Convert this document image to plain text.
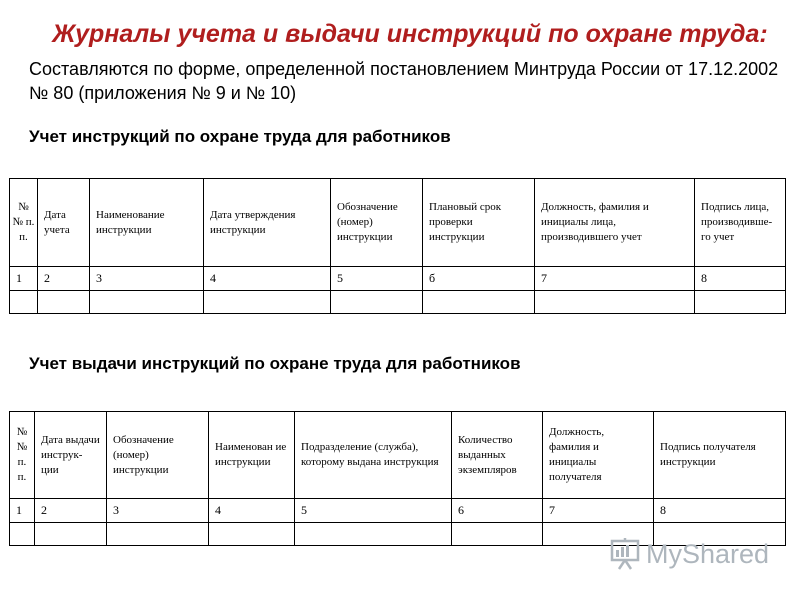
Журналы учета и выдачи инструкций по охране труда:
Составляются по форме, определенной постановлением Минтруда России от 17.12.2002 № 80 (приложения № 9 и № 10)
Учет инструкций по охране труда для работников
№ № п. п.	Дата учета	Наименование инструкции	Дата утверждения инструкции	Обозначение (номер) инструкции	Плановый срок проверки инструкции	Должность, фамилия и инициалы лица, производившего учет	Подпись лица, производивше-го учет
1	2	3	4	5	б	7	8

Учет выдачи инструкций по охране труда для работников
№ № п. п.	Дата выдачи инструк-ции	Обозначение (номер) инструкции	Наименован ие инструкции	Подразделение (служба), которому выдана инструкция	Количество выданных экземпляров	Должность, фамилия и инициалы получателя	Подпись получателя инструкции
1	2	3	4	5	6	7	8

MyShared
